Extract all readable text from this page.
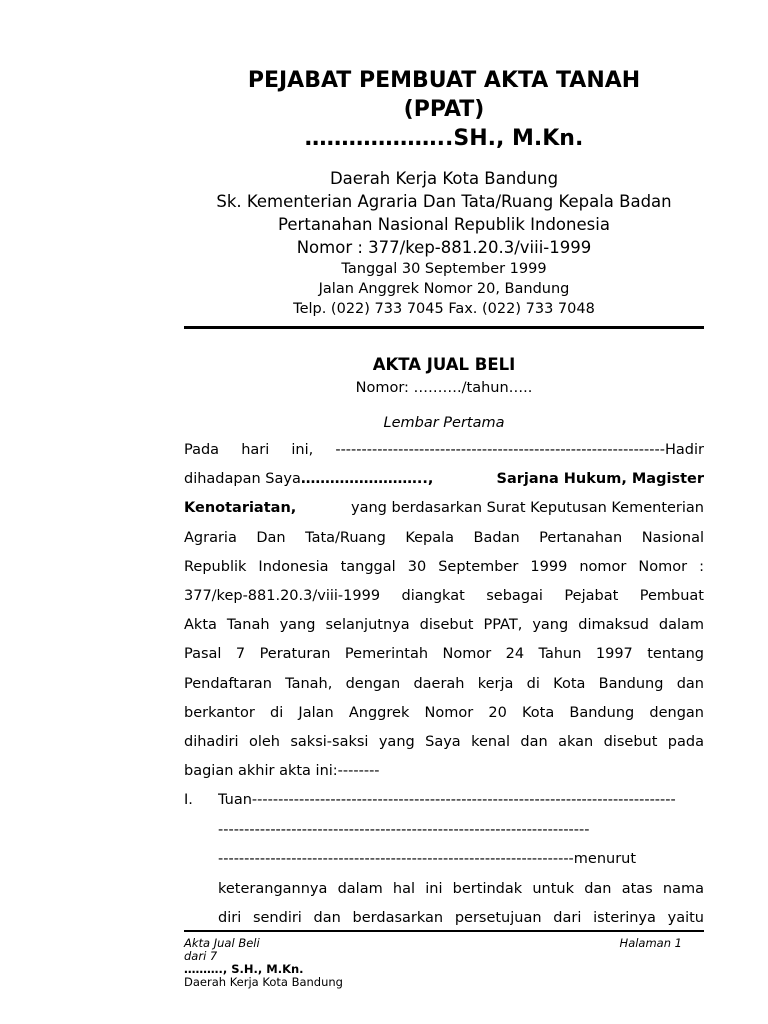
PEJABAT PEMBUAT AKTA TANAH
(PPAT)
………………..SH., M.Kn.
Daerah Kerja Kota Bandung
Sk. Kementerian Agraria Dan Tata/Ruang Kepala Badan
Pertanahan Nasional Republik Indonesia
Nomor : 377/kep-881.20.3/viii-1999
Tanggal 30 September 1999
Jalan Anggrek Nomor 20, Bandung
Telp. (022) 733 7045 Fax. (022) 733 7048
AKTA JUAL BELI
Nomor: ………./tahun…..
Lembar Pertama
Pada hari ini, ---------------------------------------------------------------Hadir
dihadapan Saya……………………..,	Sarjana Hukum, Magister
Kenotariatan,	yang berdasarkan Surat Keputusan Kementerian
Agraria Dan Tata/Ruang Kepala Badan Pertanahan Nasional
Republik Indonesia tanggal 30 September 1999 nomor Nomor :
377/kep-881.20.3/viii-1999 diangkat sebagai Pejabat Pembuat
Akta Tanah yang selanjutnya disebut PPAT, yang dimaksud dalam
Pasal 7 Peraturan Pemerintah Nomor 24 Tahun 1997 tentang
Pendaftaran Tanah, dengan daerah kerja di Kota Bandung dan
berkantor di Jalan Anggrek Nomor 20 Kota Bandung dengan
dihadiri oleh saksi-saksi yang Saya kenal dan akan disebut pada
bagian akhir akta ini:--------
I.	Tuan---------------------------------------------------------------------------------
-----------------------------------------------------------------------
--------------------------------------------------------------------menurut
keterangannya dalam hal ini bertindak untuk dan atas nama
diri sendiri dan berdasarkan persetujuan dari isterinya yaitu
Akta Jual Beli	Halaman 1
dari 7
………., S.H., M.Kn.
Daerah Kerja Kota Bandung
